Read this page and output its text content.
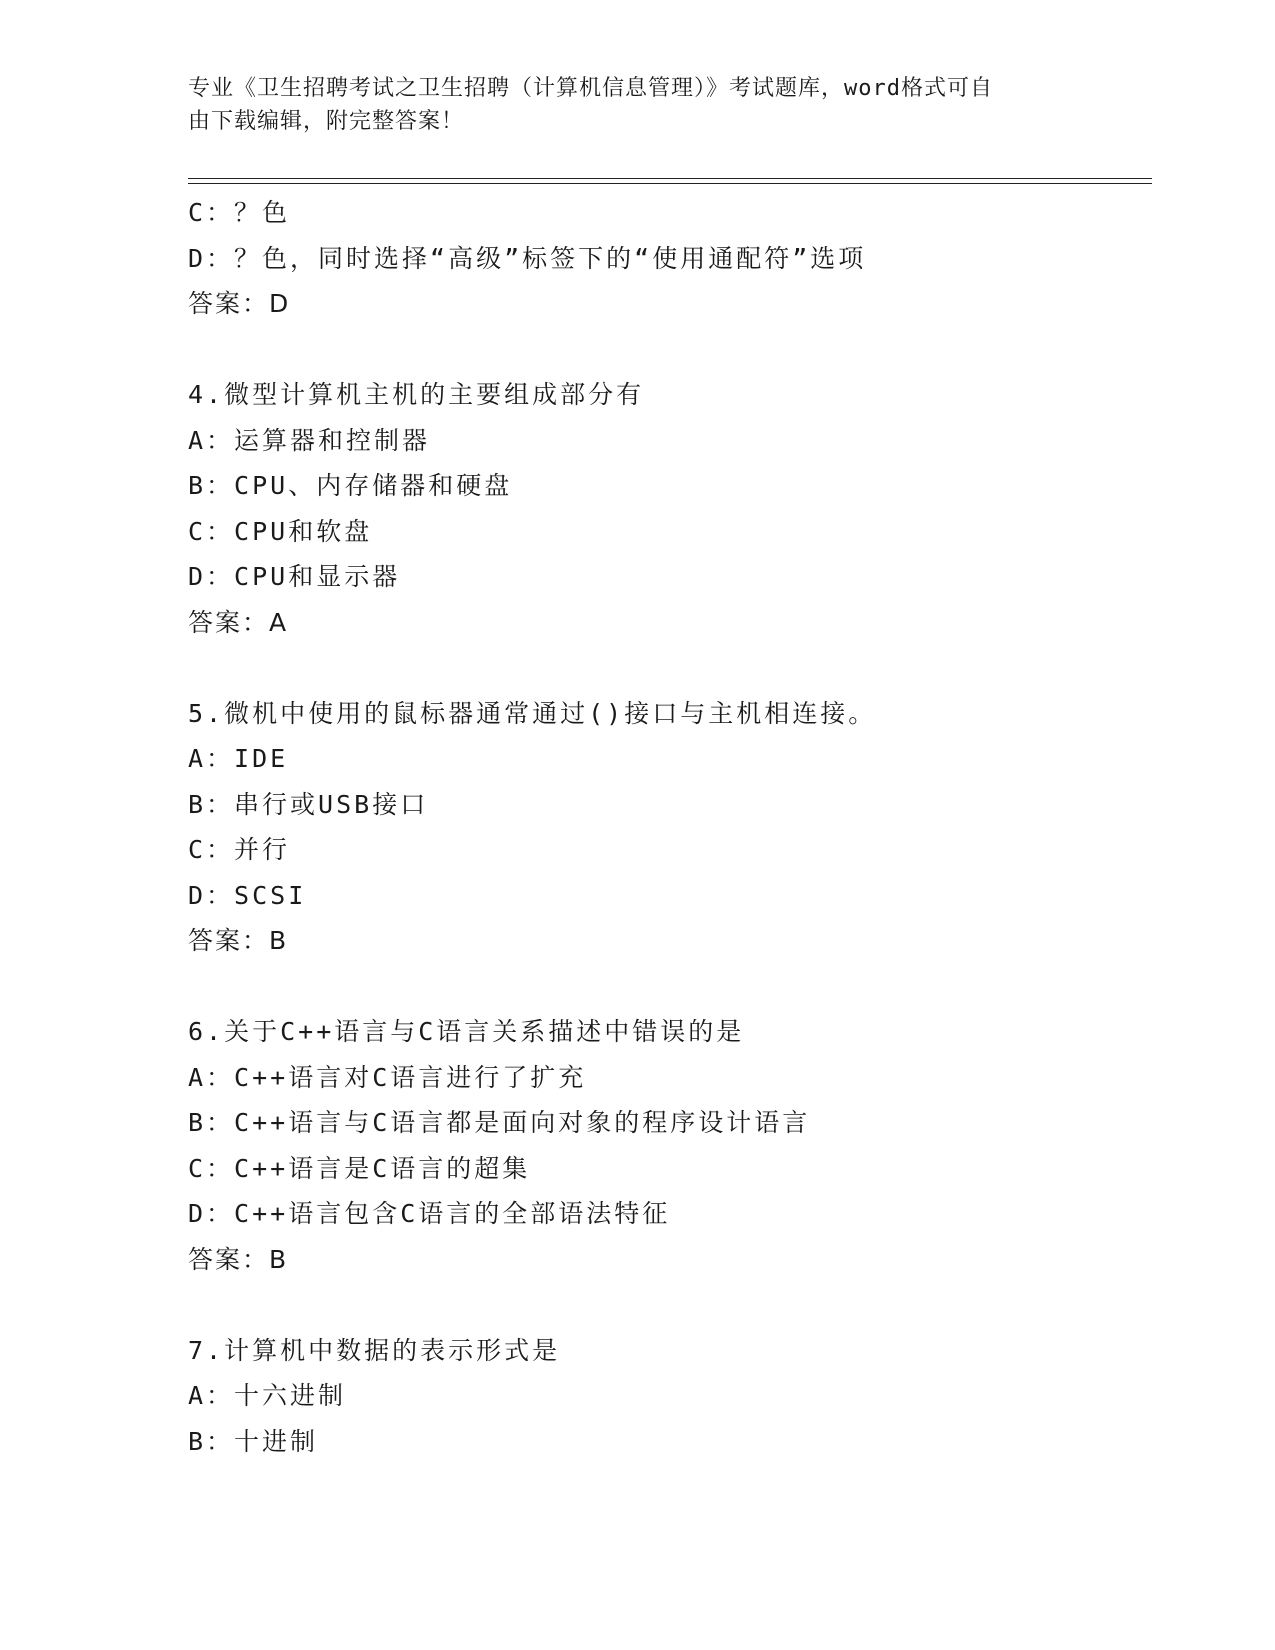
专业《卫生招聘考试之卫生招聘（计算机信息管理）》考试题库，word格式可自
由下载编辑，附完整答案！
C：？色
D：？色，同时选择“高级”标签下的“使用通配符”选项
答案：D
4.微型计算机主机的主要组成部分有
A：运算器和控制器
B：CPU、内存储器和硬盘
C：CPU和软盘
D：CPU和显示器
答案：A
5.微机中使用的鼠标器通常通过()接口与主机相连接。
A：IDE
B：串行或USB接口
C：并行
D：SCSI
答案：B
6.关于C++语言与C语言关系描述中错误的是
A：C++语言对C语言进行了扩充
B：C++语言与C语言都是面向对象的程序设计语言
C：C++语言是C语言的超集
D：C++语言包含C语言的全部语法特征
答案：B
7.计算机中数据的表示形式是
A：十六进制
B：十进制
